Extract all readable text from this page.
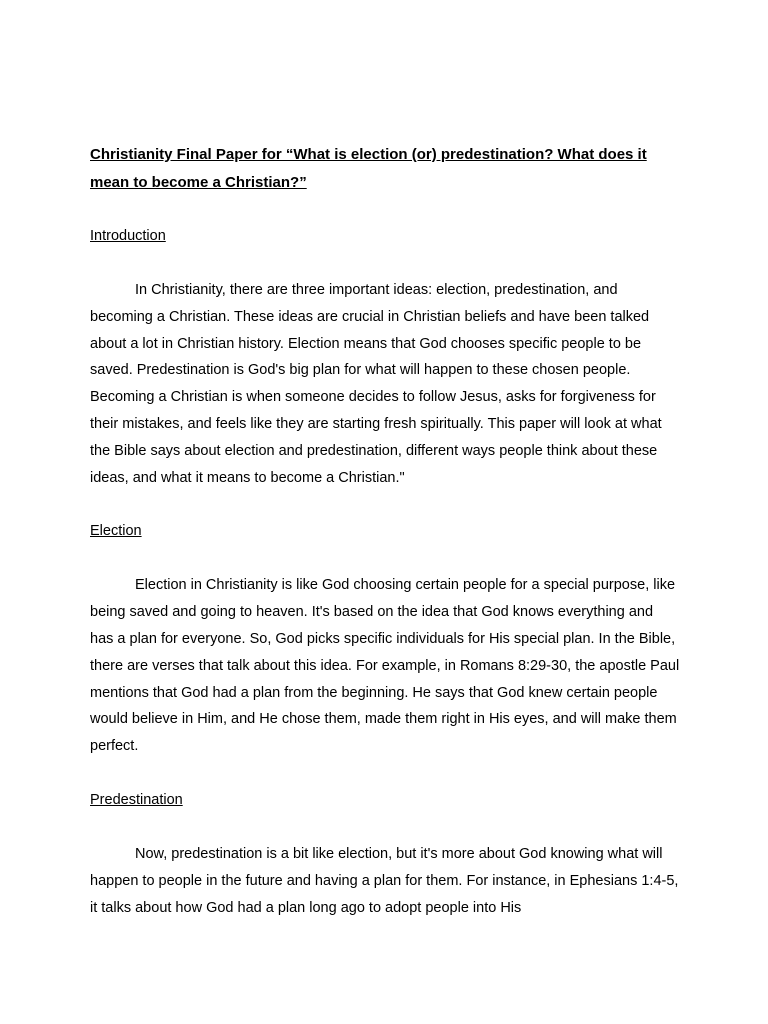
Christianity Final Paper for “What is election (or) predestination? What does it mean to become a Christian?”

Introduction

In Christianity, there are three important ideas: election, predestination, and becoming a Christian. These ideas are crucial in Christian beliefs and have been talked about a lot in Christian history. Election means that God chooses specific people to be saved. Predestination is God's big plan for what will happen to these chosen people. Becoming a Christian is when someone decides to follow Jesus, asks for forgiveness for their mistakes, and feels like they are starting fresh spiritually. This paper will look at what the Bible says about election and predestination, different ways people think about these ideas, and what it means to become a Christian."

Election

Election in Christianity is like God choosing certain people for a special purpose, like being saved and going to heaven. It's based on the idea that God knows everything and has a plan for everyone. So, God picks specific individuals for His special plan. In the Bible, there are verses that talk about this idea. For example, in Romans 8:29-30, the apostle Paul mentions that God had a plan from the beginning. He says that God knew certain people would believe in Him, and He chose them, made them right in His eyes, and will make them perfect.

Predestination

Now, predestination is a bit like election, but it's more about God knowing what will happen to people in the future and having a plan for them. For instance, in Ephesians 1:4-5, it talks about how God had a plan long ago to adopt people into His
